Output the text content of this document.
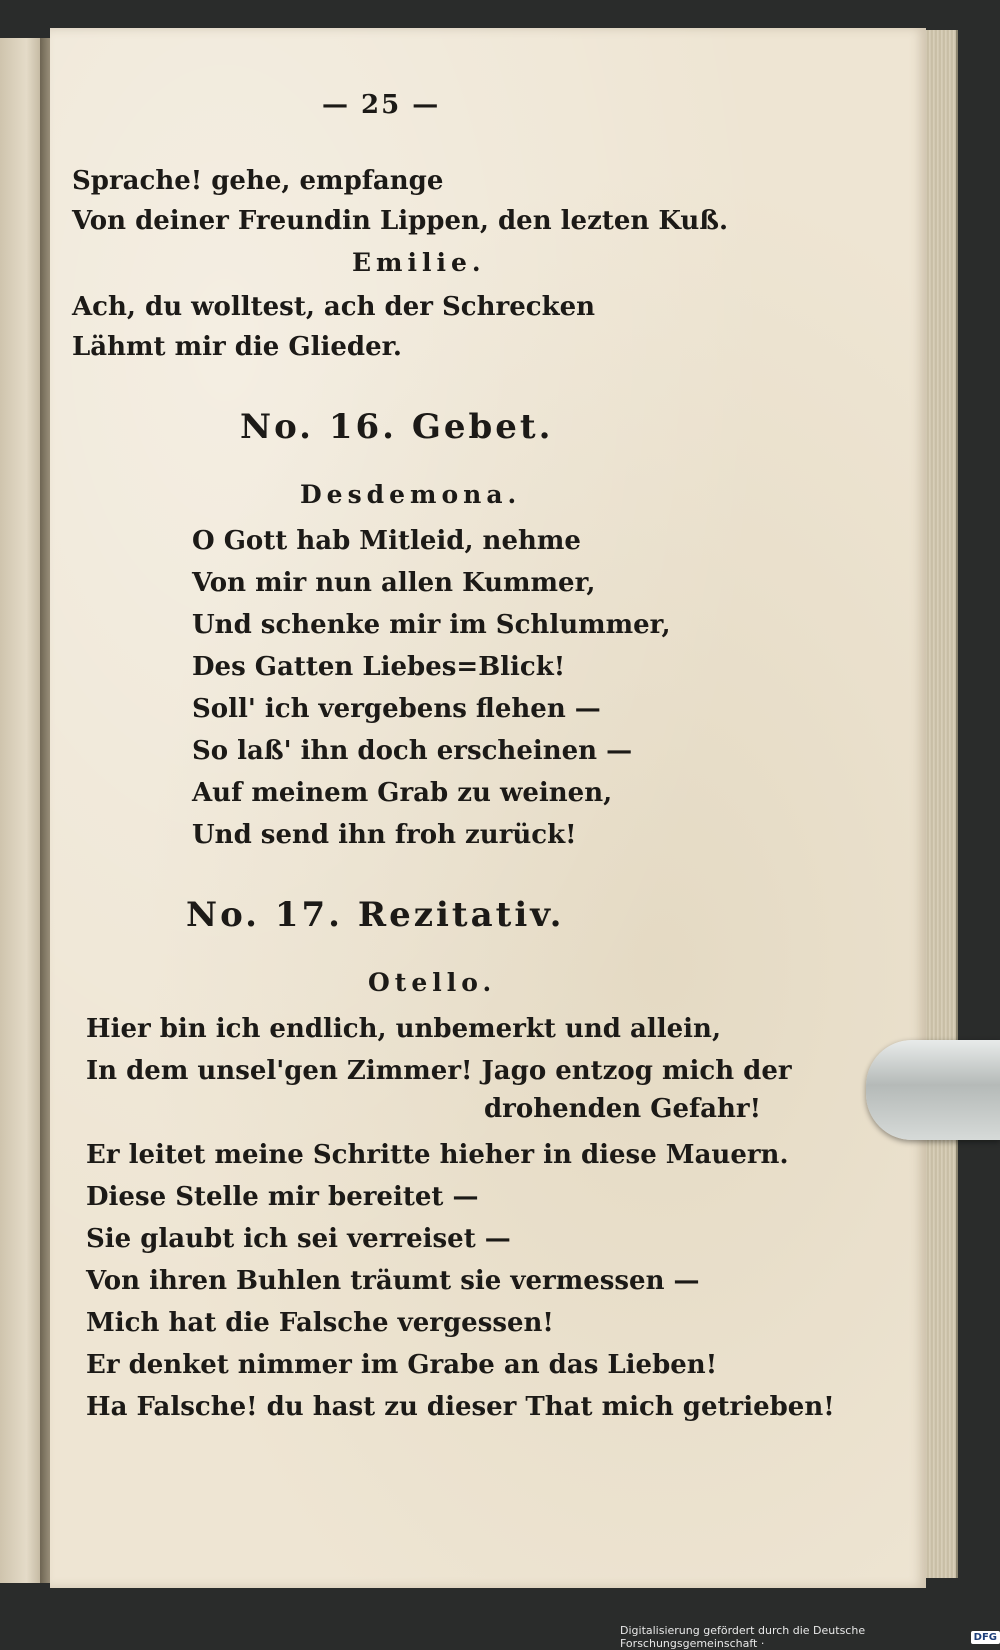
— 25 —
Sprache! gehe, empfange
Von deiner Freundin Lippen, den lezten Kuß.
Emilie.
Ach, du wolltest, ach der Schrecken
Lähmt mir die Glieder.
No. 16. Gebet.
Desdemona.
O Gott hab Mitleid, nehme
Von mir nun allen Kummer,
Und schenke mir im Schlummer,
Des Gatten Liebes=Blick!
Soll' ich vergebens flehen —
So laß' ihn doch erscheinen —
Auf meinem Grab zu weinen,
Und send ihn froh zurück!
No. 17. Rezitativ.
Otello.
Hier bin ich endlich, unbemerkt und allein,
In dem unsel'gen Zimmer! Jago entzog mich der
drohenden Gefahr!
Er leitet meine Schritte hieher in diese Mauern.
Diese Stelle mir bereitet —
Sie glaubt ich sei verreiset —
Von ihren Buhlen träumt sie vermessen —
Mich hat die Falsche vergessen!
Er denket nimmer im Grabe an das Lieben!
Ha Falsche! du hast zu dieser That mich getrieben!
Digitalisierung gefördert durch die Deutsche Forschungsgemeinschaft ·	DFG
